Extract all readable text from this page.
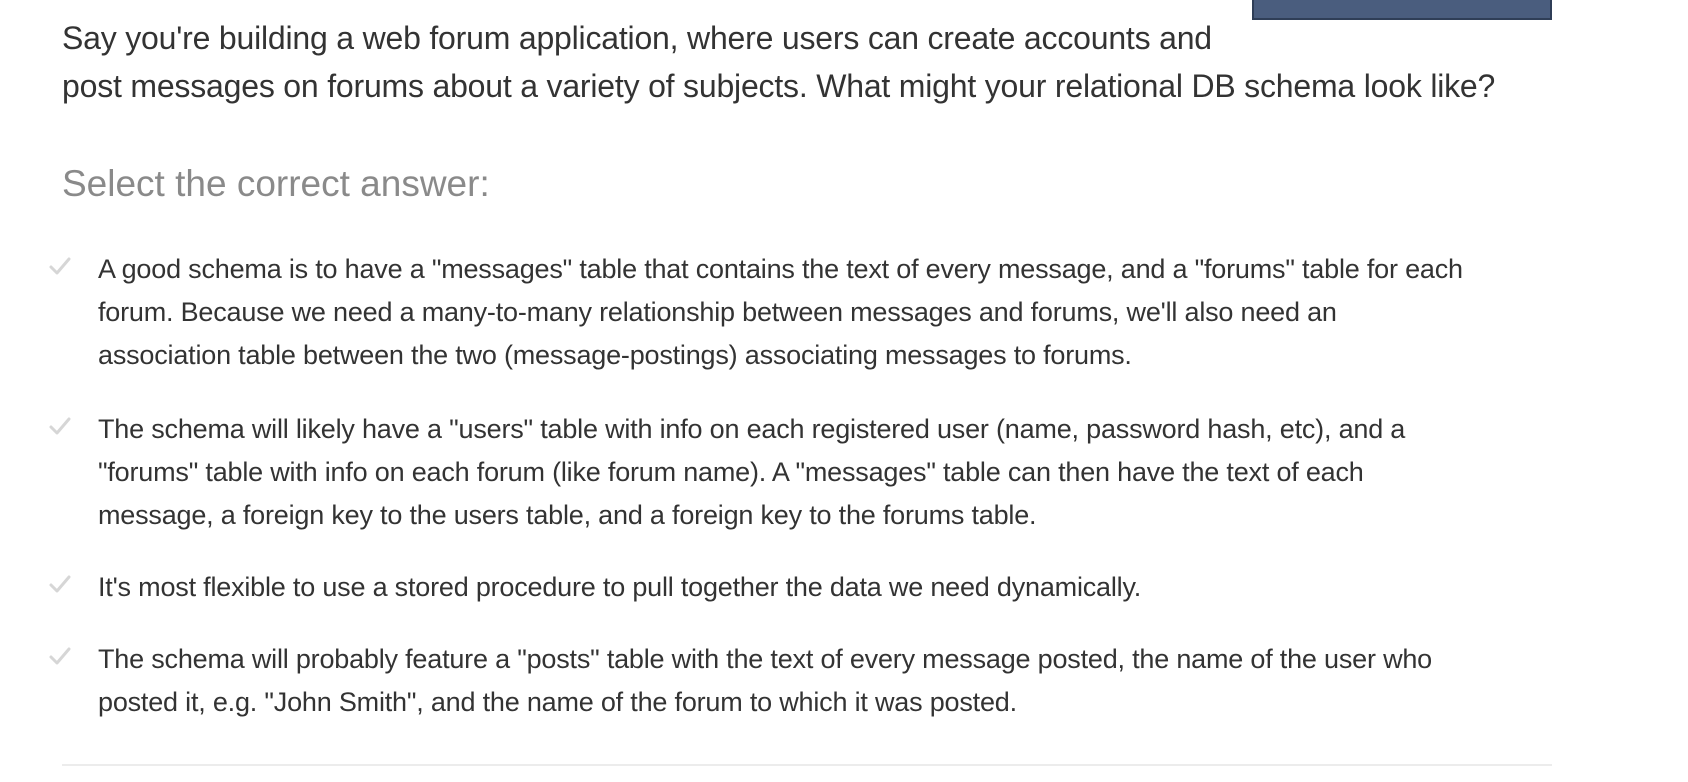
Say you're building a web forum application, where users can create accounts and
post messages on forums about a variety of subjects. What might your relational DB schema look like?
Select the correct answer:
A good schema is to have a "messages" table that contains the text of every message, and a "forums" table for each
forum. Because we need a many-to-many relationship between messages and forums, we'll also need an
association table between the two (message-postings) associating messages to forums.
The schema will likely have a "users" table with info on each registered user (name, password hash, etc), and a
"forums" table with info on each forum (like forum name). A "messages" table can then have the text of each
message, a foreign key to the users table, and a foreign key to the forums table.
It's most flexible to use a stored procedure to pull together the data we need dynamically.
The schema will probably feature a "posts" table with the text of every message posted, the name of the user who
posted it, e.g. "John Smith", and the name of the forum to which it was posted.
